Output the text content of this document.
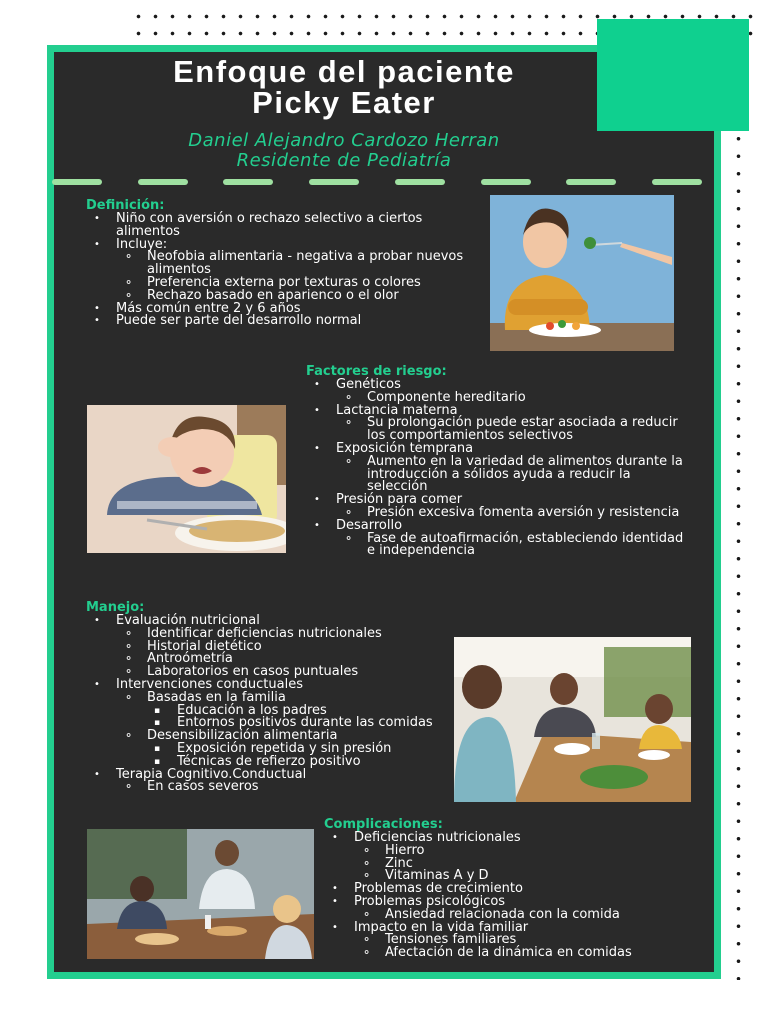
Enfoque del paciente
Picky Eater
Daniel Alejandro Cardozo Herran
Residente de Pediatría
Definición:
• Niño con aversión o rechazo selectivo a ciertos alimentos
• Incluye:
⚬ Neofobia alimentaria - negativa a probar nuevos alimentos
⚬ Preferencia externa por texturas o colores
⚬ Rechazo basado en aparienco o el olor
• Más común entre 2 y 6 años
• Puede ser parte del desarrollo normal
Factores de riesgo:
• Genéticos
⚬ Componente hereditario
• Lactancia materna
⚬ Su prolongación puede estar asociada a reducir los comportamientos selectivos
• Exposición temprana
⚬ Aumento en la variedad de alimentos durante la introducción a sólidos ayuda a reducir la selección
• Presión para comer
⚬ Presión excesiva fomenta aversión y resistencia
• Desarrollo
⚬ Fase de autoafirmación, estableciendo identidad e independencia
Manejo:
• Evaluación nutricional
⚬ Identificar deficiencias nutricionales
⚬ Historial dietético
⚬ Antroómetría
⚬ Laboratorios en casos puntuales
• Intervenciones conductuales
⚬ Basadas en la familia
▪ Educación a los padres
▪ Entornos positivos durante las comidas
⚬ Desensibilización alimentaria
▪ Exposición repetida y sin presión
▪ Técnicas de refierzo positivo
• Terapia Cognitivo.Conductual
⚬ En casos severos
Complicaciones:
• Deficiencias nutricionales
⚬ Hierro
⚬ Zinc
⚬ Vitaminas A y D
• Problemas de crecimiento
• Problemas psicológicos
⚬ Ansiedad relacionada con la comida
• Impacto en la vida familiar
⚬ Tensiones familiares
⚬ Afectación de la dinámica en comidas
